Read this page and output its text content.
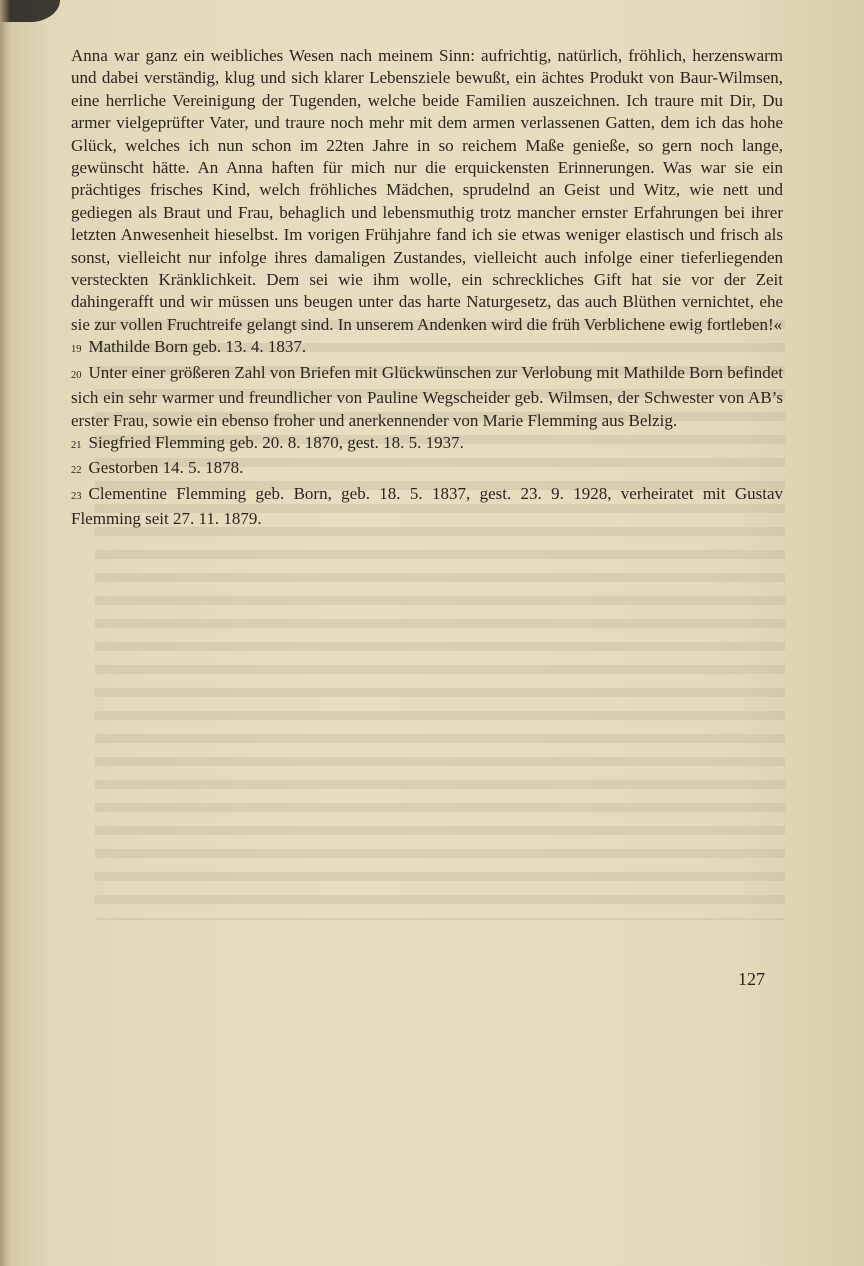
Anna war ganz ein weibliches Wesen nach meinem Sinn: aufrichtig, natürlich, fröhlich, herzenswarm und dabei verständig, klug und sich klarer Lebensziele bewußt, ein ächtes Produkt von Baur-Wilmsen, eine herrliche Vereinigung der Tugenden, welche beide Familien auszeichnen. Ich traure mit Dir, Du armer vielgeprüfter Vater, und traure noch mehr mit dem armen verlassenen Gatten, dem ich das hohe Glück, welches ich nun schon im 22ten Jahre in so reichem Maße genieße, so gern noch lange, gewünscht hätte. An Anna haften für mich nur die erquickensten Erinnerungen. Was war sie ein prächtiges frisches Kind, welch fröhliches Mädchen, sprudelnd an Geist und Witz, wie nett und gediegen als Braut und Frau, behaglich und lebensmuthig trotz mancher ernster Erfahrungen bei ihrer letzten Anwesenheit hieselbst. Im vorigen Frühjahre fand ich sie etwas weniger elastisch und frisch als sonst, vielleicht nur infolge ihres damaligen Zustandes, vielleicht auch infolge einer tieferliegenden versteckten Kränklichkeit. Dem sei wie ihm wolle, ein schreckliches Gift hat sie vor der Zeit dahingerafft und wir müssen uns beugen unter das harte Naturgesetz, das auch Blüthen vernichtet, ehe sie zur vollen Fruchtreife gelangt sind. In unserem Andenken wird die früh Verblichene ewig fortleben!«

19 Mathilde Born geb. 13. 4. 1837.

20 Unter einer größeren Zahl von Briefen mit Glückwünschen zur Verlobung mit Mathilde Born befindet sich ein sehr warmer und freundlicher von Pauline Wegscheider geb. Wilmsen, der Schwester von AB’s erster Frau, sowie ein ebenso froher und anerkennender von Marie Flemming aus Belzig.

21 Siegfried Flemming geb. 20. 8. 1870, gest. 18. 5. 1937.

22 Gestorben 14. 5. 1878.

23 Clementine Flemming geb. Born, geb. 18. 5. 1837, gest. 23. 9. 1928, verheiratet mit Gustav Flemming seit 27. 11. 1879.

127
